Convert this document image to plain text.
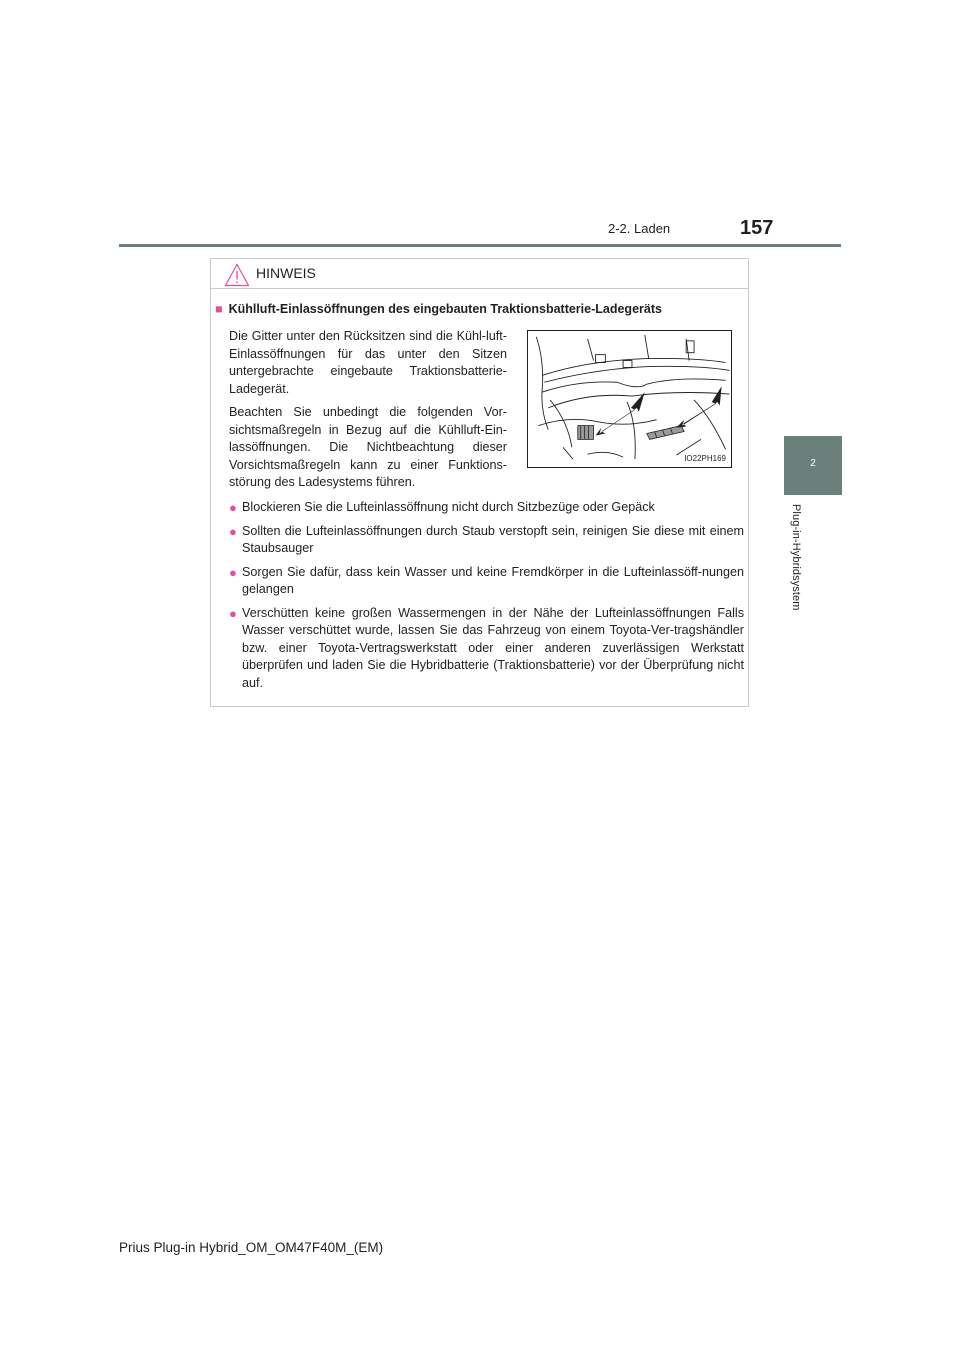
157
2-2. Laden
2
Plug-in-Hybridsystem
HINWEIS
■ Kühlluft-Einlassöffnungen des eingebauten Traktionsbatterie-Ladegeräts

Die Gitter unter den Rücksitzen sind die Kühl-luft-Einlassöffnungen für das unter den Sitzen untergebrachte eingebaute Traktionsbatterie-Ladegerät.

Beachten Sie unbedingt die folgenden Vor-sichtsmaßregeln in Bezug auf die Kühlluft-Ein-lassöffnungen. Die Nichtbeachtung dieser Vorsichtsmaßregeln kann zu einer Funktions-störung des Ladesystems führen.

IO22PH169
● Blockieren Sie die Lufteinlassöffnung nicht durch Sitzbezüge oder Gepäck
● Sollten die Lufteinlassöffnungen durch Staub verstopft sein, reinigen Sie diese mit einem Staubsauger
● Sorgen Sie dafür, dass kein Wasser und keine Fremdkörper in die Lufteinlassöff-nungen gelangen
● Verschütten keine großen Wassermengen in der Nähe der Lufteinlassöffnungen Falls Wasser verschüttet wurde, lassen Sie das Fahrzeug von einem Toyota-Ver-tragshändler bzw. einer Toyota-Vertragswerkstatt oder einer anderen zuverlässigen Werkstatt überprüfen und laden Sie die Hybridbatterie (Traktionsbatterie) vor der Überprüfung nicht auf.
Prius Plug-in Hybrid_OM_OM47F40M_(EM)
